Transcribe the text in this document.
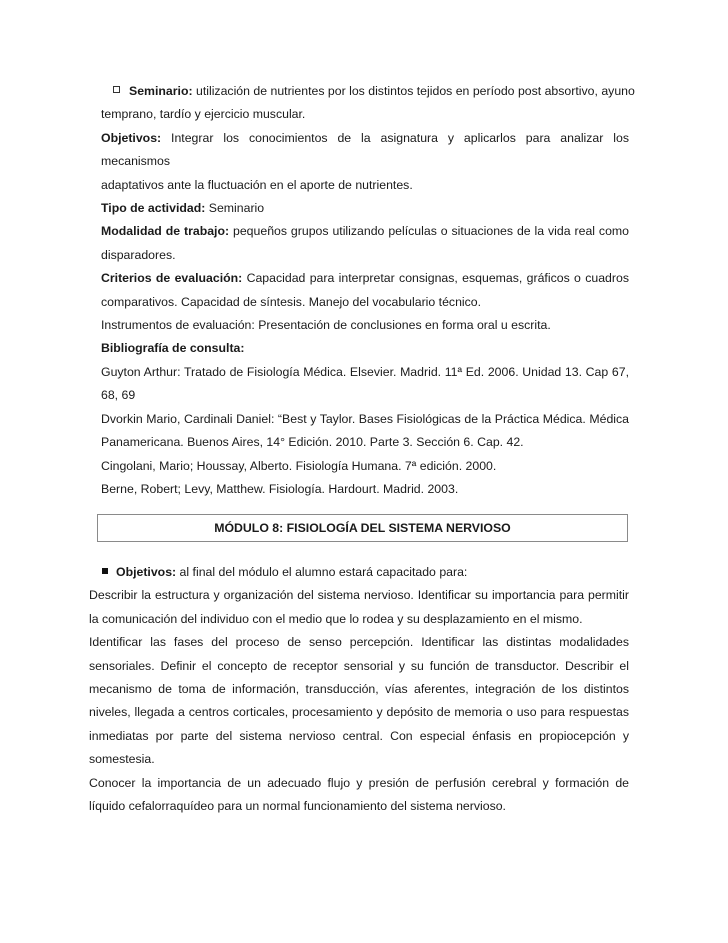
Seminario: utilización de nutrientes por los distintos tejidos en período post absortivo, ayuno

temprano, tardío y ejercicio muscular.

Objetivos: Integrar los conocimientos de la asignatura y aplicarlos para analizar los mecanismos

adaptativos ante la fluctuación en el aporte de nutrientes.

Tipo de actividad: Seminario

Modalidad de trabajo: pequeños grupos utilizando películas o situaciones de la vida real como

disparadores.

Criterios de evaluación: Capacidad para interpretar consignas, esquemas, gráficos o cuadros

comparativos. Capacidad de síntesis. Manejo del vocabulario técnico.

Instrumentos de evaluación: Presentación de conclusiones en forma oral u escrita.

Bibliografía de consulta:

Guyton Arthur: Tratado de Fisiología Médica. Elsevier. Madrid. 11ª Ed. 2006. Unidad 13. Cap 67,

68, 69

Dvorkin Mario, Cardinali Daniel: “Best y Taylor. Bases Fisiológicas de la Práctica Médica. Médica

Panamericana. Buenos Aires, 14° Edición. 2010. Parte 3. Sección 6. Cap. 42.

Cingolani, Mario; Houssay, Alberto. Fisiología Humana. 7ª edición. 2000.

Berne, Robert; Levy, Matthew. Fisiología. Hardourt. Madrid. 2003.

MÓDULO 8: FISIOLOGÍA DEL SISTEMA NERVIOSO

Objetivos: al final del módulo el alumno estará capacitado para:

Describir la estructura y organización del sistema nervioso. Identificar su importancia para permitir

la comunicación del individuo con el medio que lo rodea y su desplazamiento en el mismo.

Identificar las fases del proceso de senso percepción. Identificar las distintas modalidades

sensoriales. Definir el concepto de receptor sensorial y su función de transductor. Describir el

mecanismo de toma de información, transducción, vías aferentes, integración de los distintos

niveles, llegada a centros corticales, procesamiento y depósito de memoria o uso para respuestas

inmediatas por parte del sistema nervioso central. Con especial énfasis en propiocepción y

somestesia.

Conocer la importancia de un adecuado flujo y presión de perfusión cerebral y formación de

líquido cefalorraquídeo para un normal funcionamiento del sistema nervioso.
